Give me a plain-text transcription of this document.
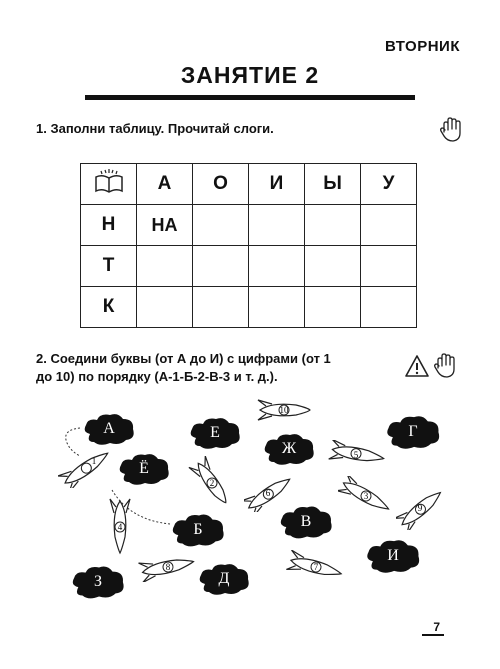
ВТОРНИК
ЗАНЯТИЕ 2
1. Заполни таблицу. Прочитай слоги.
	А	О	И	Ы	У
Н	НА				
Т					
К					
2. Соедини буквы (от А до И) с цифрами (от 1
до 10) по порядку (А-1-Б-2-В-3 и т. д.).
А	Е
Ж
Г
Ё
Б	В
И
З	Д
10
1
5
2
6	3
9
4
8	7
7
